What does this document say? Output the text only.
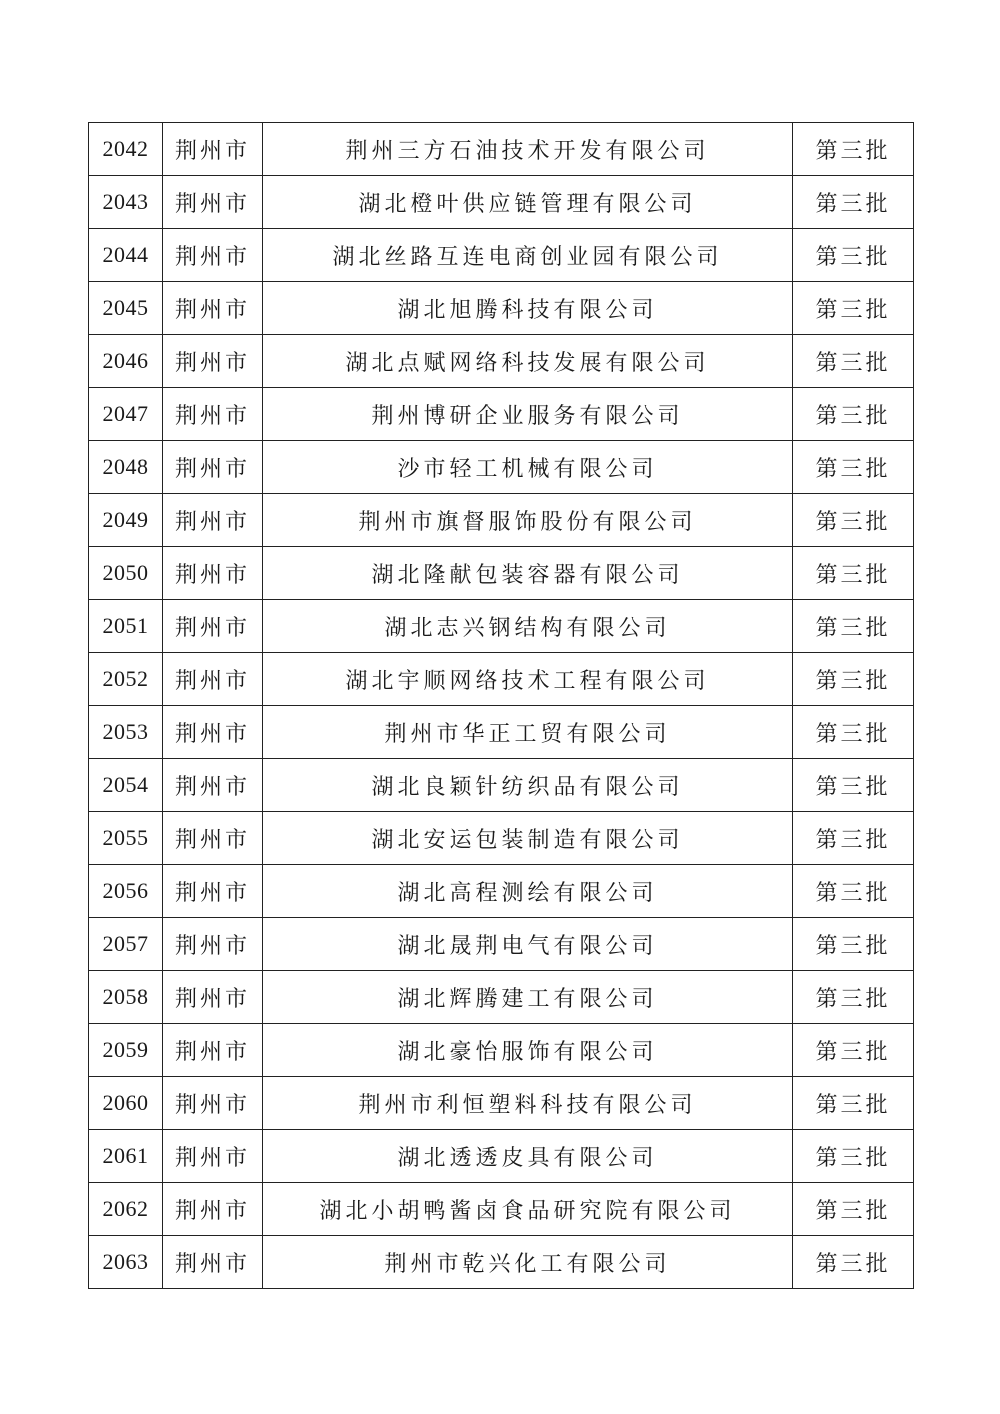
2042	荆州市	荆州三方石油技术开发有限公司	第三批
2043	荆州市	湖北橙叶供应链管理有限公司	第三批
2044	荆州市	湖北丝路互连电商创业园有限公司	第三批
2045	荆州市	湖北旭腾科技有限公司	第三批
2046	荆州市	湖北点赋网络科技发展有限公司	第三批
2047	荆州市	荆州博研企业服务有限公司	第三批
2048	荆州市	沙市轻工机械有限公司	第三批
2049	荆州市	荆州市旗督服饰股份有限公司	第三批
2050	荆州市	湖北隆献包装容器有限公司	第三批
2051	荆州市	湖北志兴钢结构有限公司	第三批
2052	荆州市	湖北宇顺网络技术工程有限公司	第三批
2053	荆州市	荆州市华正工贸有限公司	第三批
2054	荆州市	湖北良颖针纺织品有限公司	第三批
2055	荆州市	湖北安运包装制造有限公司	第三批
2056	荆州市	湖北高程测绘有限公司	第三批
2057	荆州市	湖北晟荆电气有限公司	第三批
2058	荆州市	湖北辉腾建工有限公司	第三批
2059	荆州市	湖北豪怡服饰有限公司	第三批
2060	荆州市	荆州市利恒塑料科技有限公司	第三批
2061	荆州市	湖北透透皮具有限公司	第三批
2062	荆州市	湖北小胡鸭酱卤食品研究院有限公司	第三批
2063	荆州市	荆州市乾兴化工有限公司	第三批
